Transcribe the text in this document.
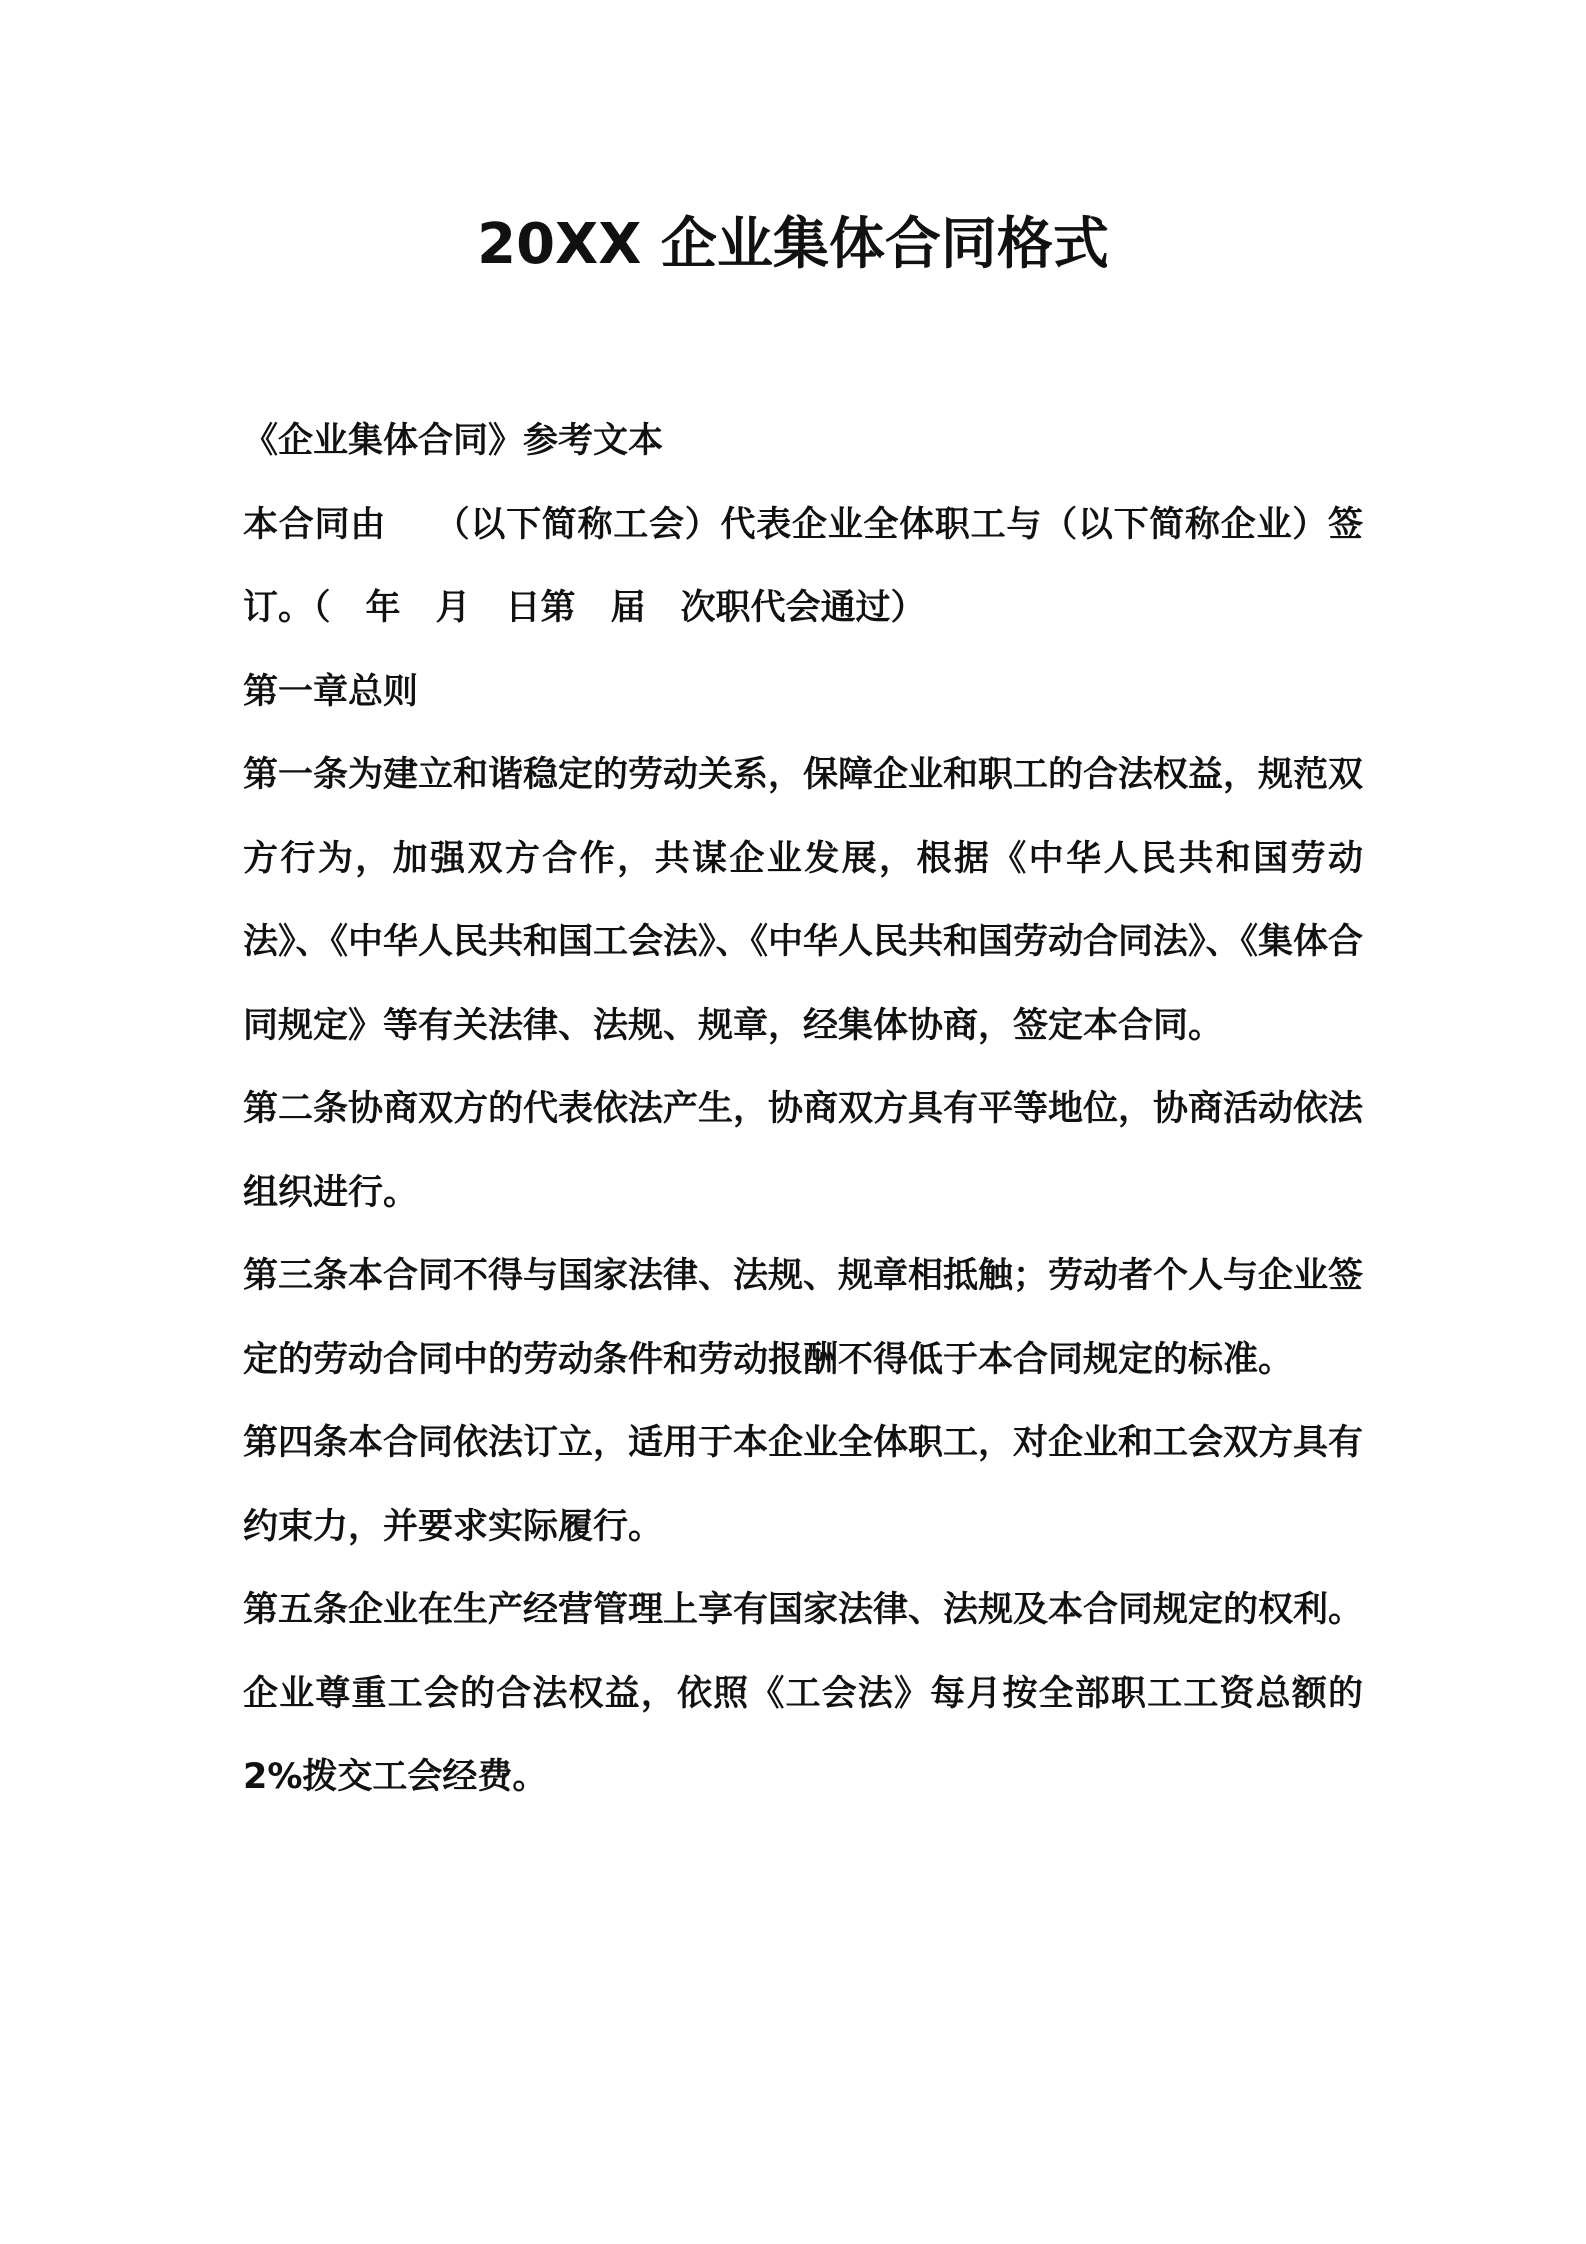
20XX 企业集体合同格式

《企业集体合同》参考文本

本合同由　 （以下简称工会）代表企业全体职工与（以下简称企业）签订。（　年　月　日第　届　次职代会通过）

第一章总则

第一条为建立和谐稳定的劳动关系，保障企业和职工的合法权益，规范双方行为，加强双方合作，共谋企业发展，根据《中华人民共和国劳动法》、《中华人民共和国工会法》、《中华人民共和国劳动合同法》、《集体合同规定》等有关法律、法规、规章，经集体协商，签定本合同。

第二条协商双方的代表依法产生，协商双方具有平等地位，协商活动依法组织进行。

第三条本合同不得与国家法律、法规、规章相抵触；劳动者个人与企业签定的劳动合同中的劳动条件和劳动报酬不得低于本合同规定的标准。

第四条本合同依法订立，适用于本企业全体职工，对企业和工会双方具有约束力，并要求实际履行。

第五条企业在生产经营管理上享有国家法律、法规及本合同规定的权利。企业尊重工会的合法权益，依照《工会法》每月按全部职工工资总额的 2%拨交工会经费。
